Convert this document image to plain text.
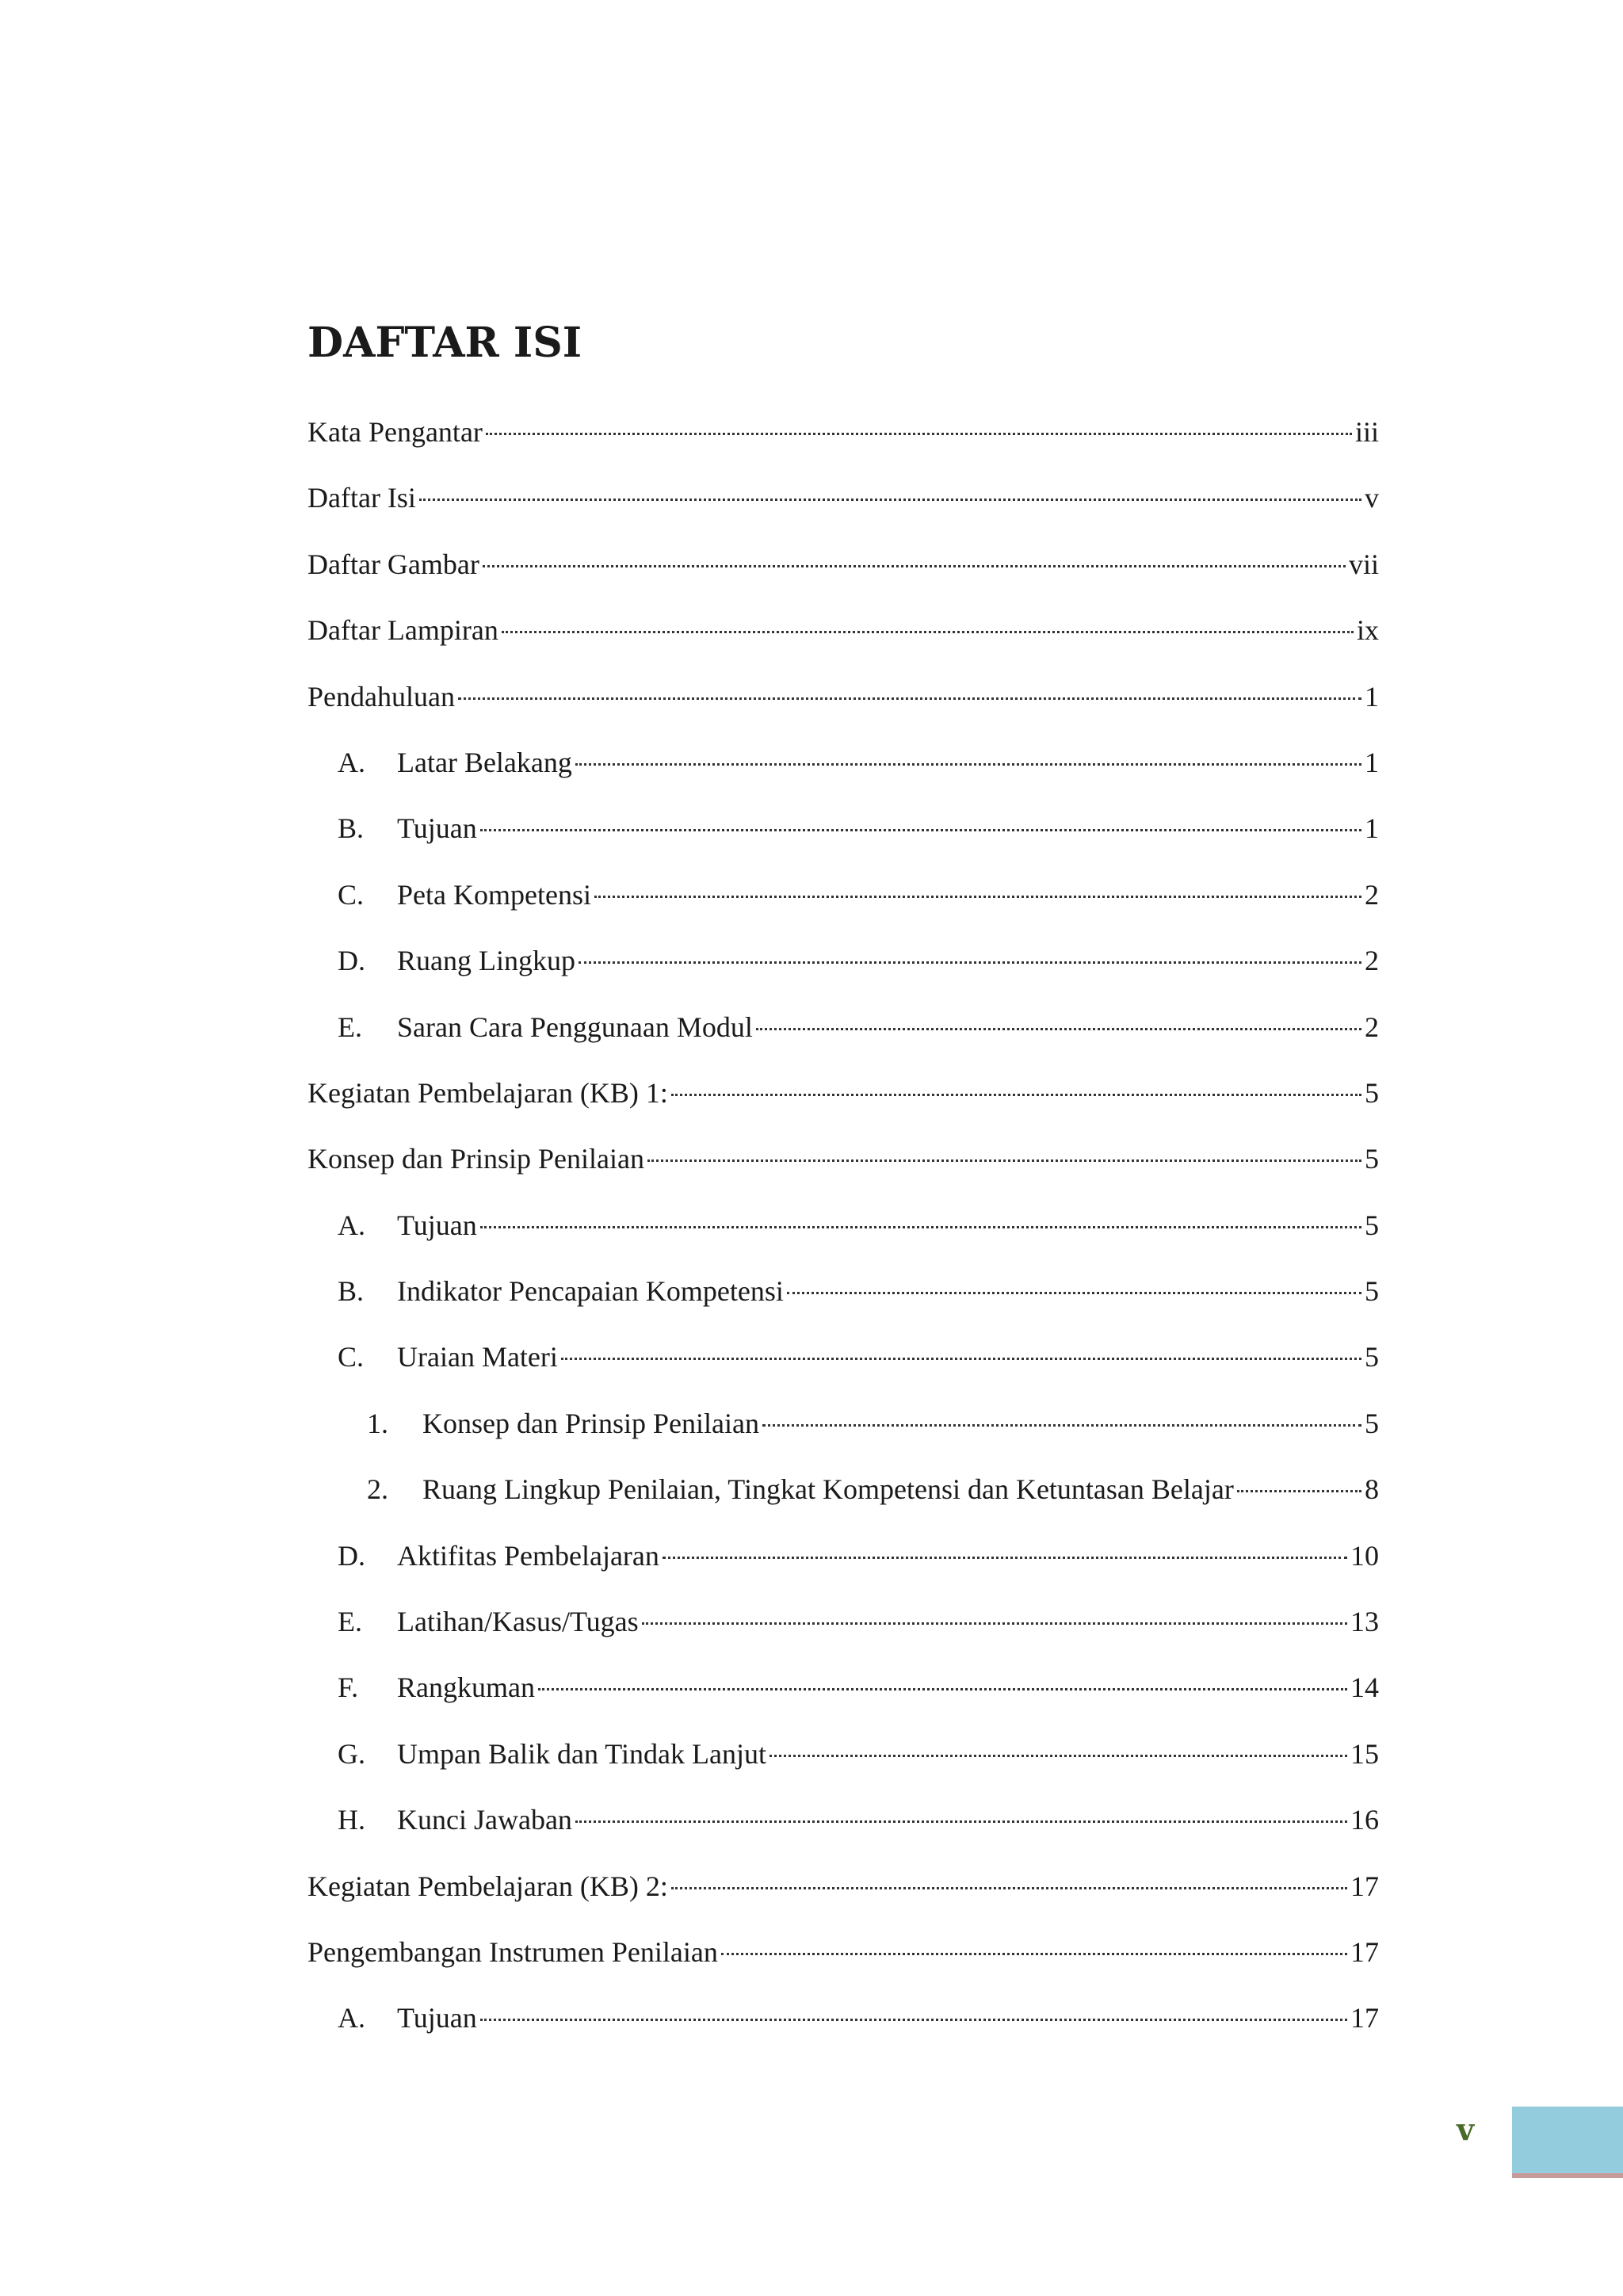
DAFTAR ISI
Kata Pengantar	iii
Daftar Isi	v
Daftar Gambar	vii
Daftar Lampiran	ix
Pendahuluan	1
A.	Latar Belakang	1
B.	Tujuan	1
C.	Peta Kompetensi	2
D.	Ruang Lingkup	2
E.	Saran Cara Penggunaan Modul	2
Kegiatan Pembelajaran (KB) 1:	5
Konsep dan Prinsip Penilaian	5
A.	Tujuan	5
B.	Indikator Pencapaian Kompetensi	5
C.	Uraian Materi	5
1.	Konsep dan Prinsip Penilaian	5
2.	Ruang Lingkup Penilaian, Tingkat Kompetensi dan Ketuntasan Belajar	8
D.	Aktifitas Pembelajaran	10
E.	Latihan/Kasus/Tugas	13
F.	Rangkuman	14
G.	Umpan Balik dan Tindak Lanjut	15
H.	Kunci Jawaban	16
Kegiatan Pembelajaran (KB) 2:	17
Pengembangan Instrumen Penilaian	17
A.	Tujuan	17
v
